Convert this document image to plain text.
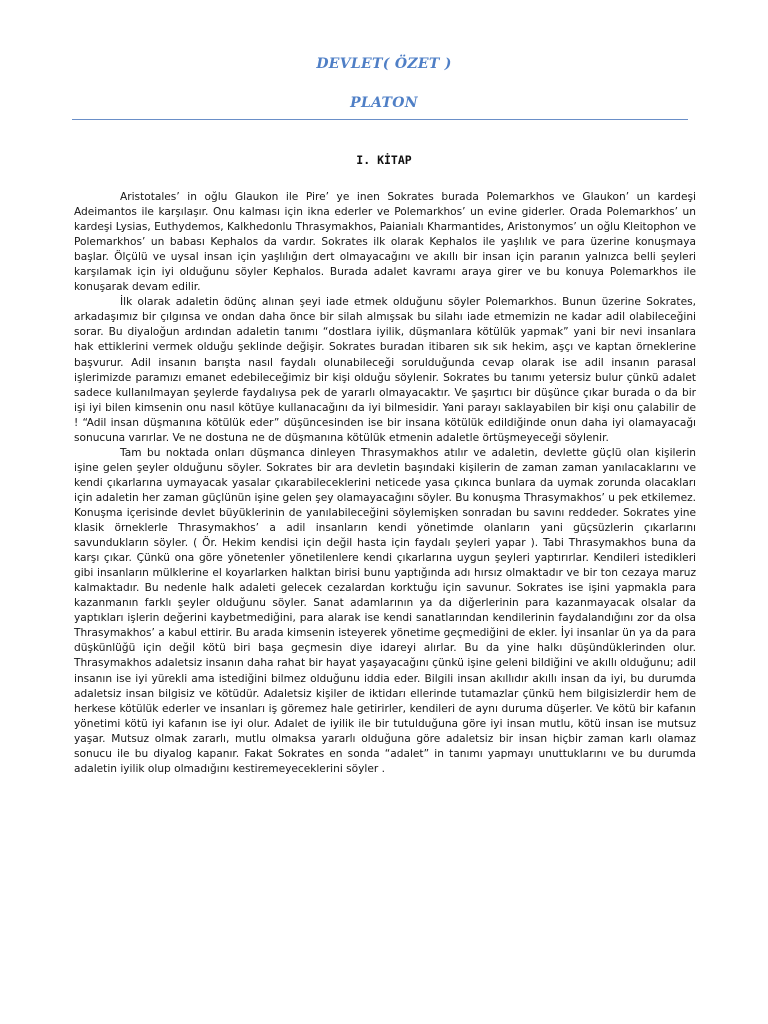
DEVLET( ÖZET )
PLATON
I. KİTAP

Aristotales’ in oğlu Glaukon ile Pire’ ye inen Sokrates burada Polemarkhos ve Glaukon’ un kardeşi Adeimantos ile karşılaşır. Onu kalması için ikna ederler ve Polemarkhos’ un evine giderler. Orada Polemarkhos’ un kardeşi Lysias, Euthydemos, Kalkhedonlu Thrasymakhos, Paianialı Kharmantides, Aristonymos’ un oğlu Kleitophon ve Polemarkhos’ un babası Kephalos da vardır. Sokrates ilk olarak Kephalos ile yaşlılık ve para üzerine konuşmaya başlar. Ölçülü ve uysal insan için yaşlılığın dert olmayacağını ve akıllı bir insan için paranın yalnızca belli şeyleri karşılamak için iyi olduğunu söyler Kephalos. Burada adalet kavramı araya girer ve bu konuya Polemarkhos ile konuşarak devam edilir.

İlk olarak adaletin ödünç alınan şeyi iade etmek olduğunu söyler Polemarkhos. Bunun üzerine Sokrates, arkadaşımız bir çılgınsa ve ondan daha önce bir silah almışsak bu silahı iade etmemizin ne kadar adil olabileceğini sorar. Bu diyaloğun ardından adaletin tanımı “dostlara iyilik, düşmanlara kötülük yapmak” yani bir nevi insanlara hak ettiklerini vermek olduğu şeklinde değişir. Sokrates buradan itibaren sık sık hekim, aşçı ve kaptan örneklerine başvurur. Adil insanın barışta nasıl faydalı olunabileceği sorulduğunda cevap olarak ise adil insanın parasal işlerimizde paramızı emanet edebileceğimiz bir kişi olduğu söylenir. Sokrates bu tanımı yetersiz bulur çünkü adalet sadece kullanılmayan şeylerde faydalıysa pek de yararlı olmayacaktır. Ve şaşırtıcı bir düşünce çıkar burada o da bir işi iyi bilen kimsenin onu nasıl kötüye kullanacağını da iyi bilmesidir. Yani parayı saklayabilen bir kişi onu çalabilir de ! “Adil insan düşmanına kötülük eder” düşüncesinden ise bir insana kötülük edildiğinde onun daha iyi olamayacağı sonucuna varırlar. Ve ne dostuna ne de düşmanına kötülük etmenin adaletle örtüşmeyeceği söylenir.

Tam bu noktada onları düşmanca dinleyen Thrasymakhos atılır ve adaletin, devlette güçlü olan kişilerin işine gelen şeyler olduğunu söyler. Sokrates bir ara devletin başındaki kişilerin de zaman zaman yanılacaklarını ve kendi çıkarlarına uymayacak yasalar çıkarabileceklerini neticede yasa çıkınca bunlara da uymak zorunda olacakları için adaletin her zaman güçlünün işine gelen şey olamayacağını söyler. Bu konuşma Thrasymakhos’ u pek etkilemez. Konuşma içerisinde devlet büyüklerinin de yanılabileceğini söylemişken sonradan bu savını reddeder. Sokrates yine klasik örneklerle Thrasymakhos’ a adil insanların kendi yönetimde olanların yani güçsüzlerin çıkarlarını savundukların söyler. ( Ör. Hekim kendisi için değil hasta için faydalı şeyleri yapar ). Tabi Thrasymakhos buna da karşı çıkar. Çünkü ona göre yönetenler yönetilenlere kendi çıkarlarına uygun şeyleri yaptırırlar. Kendileri istedikleri gibi insanların mülklerine el koyarlarken halktan birisi bunu yaptığında adı hırsız olmaktadır ve bir ton cezaya maruz kalmaktadır. Bu nedenle halk adaleti gelecek cezalardan korktuğu için savunur. Sokrates ise işini yapmakla para kazanmanın farklı şeyler olduğunu söyler. Sanat adamlarının ya da diğerlerinin para kazanmayacak olsalar da yaptıkları işlerin değerini kaybetmediğini, para alarak ise kendi sanatlarından kendilerinin faydalandığını zor da olsa Thrasymakhos’ a kabul ettirir. Bu arada kimsenin isteyerek yönetime geçmediğini de ekler. İyi insanlar ün ya da para düşkünlüğü için değil kötü biri başa geçmesin diye idareyi alırlar. Bu da yine halkı düşündüklerinden olur. Thrasymakhos adaletsiz insanın daha rahat bir hayat yaşayacağını çünkü işine geleni bildiğini ve akıllı olduğunu; adil insanın ise iyi yürekli ama istediğini bilmez olduğunu iddia eder. Bilgili insan akıllıdır akıllı insan da iyi, bu durumda adaletsiz insan bilgisiz ve kötüdür. Adaletsiz kişiler de iktidarı ellerinde tutamazlar çünkü hem bilgisizlerdir hem de herkese kötülük ederler ve insanları iş göremez hale getirirler, kendileri de aynı duruma düşerler. Ve kötü bir kafanın yönetimi kötü iyi kafanın ise iyi olur. Adalet de iyilik ile bir tutulduğuna göre iyi insan mutlu, kötü insan ise mutsuz yaşar. Mutsuz olmak zararlı, mutlu olmaksa yararlı olduğuna göre adaletsiz bir insan hiçbir zaman karlı olamaz sonucu ile bu diyalog kapanır. Fakat Sokrates en sonda “adalet” in tanımı yapmayı unuttuklarını ve bu durumda adaletin iyilik olup olmadığını kestiremeyeceklerini söyler .
